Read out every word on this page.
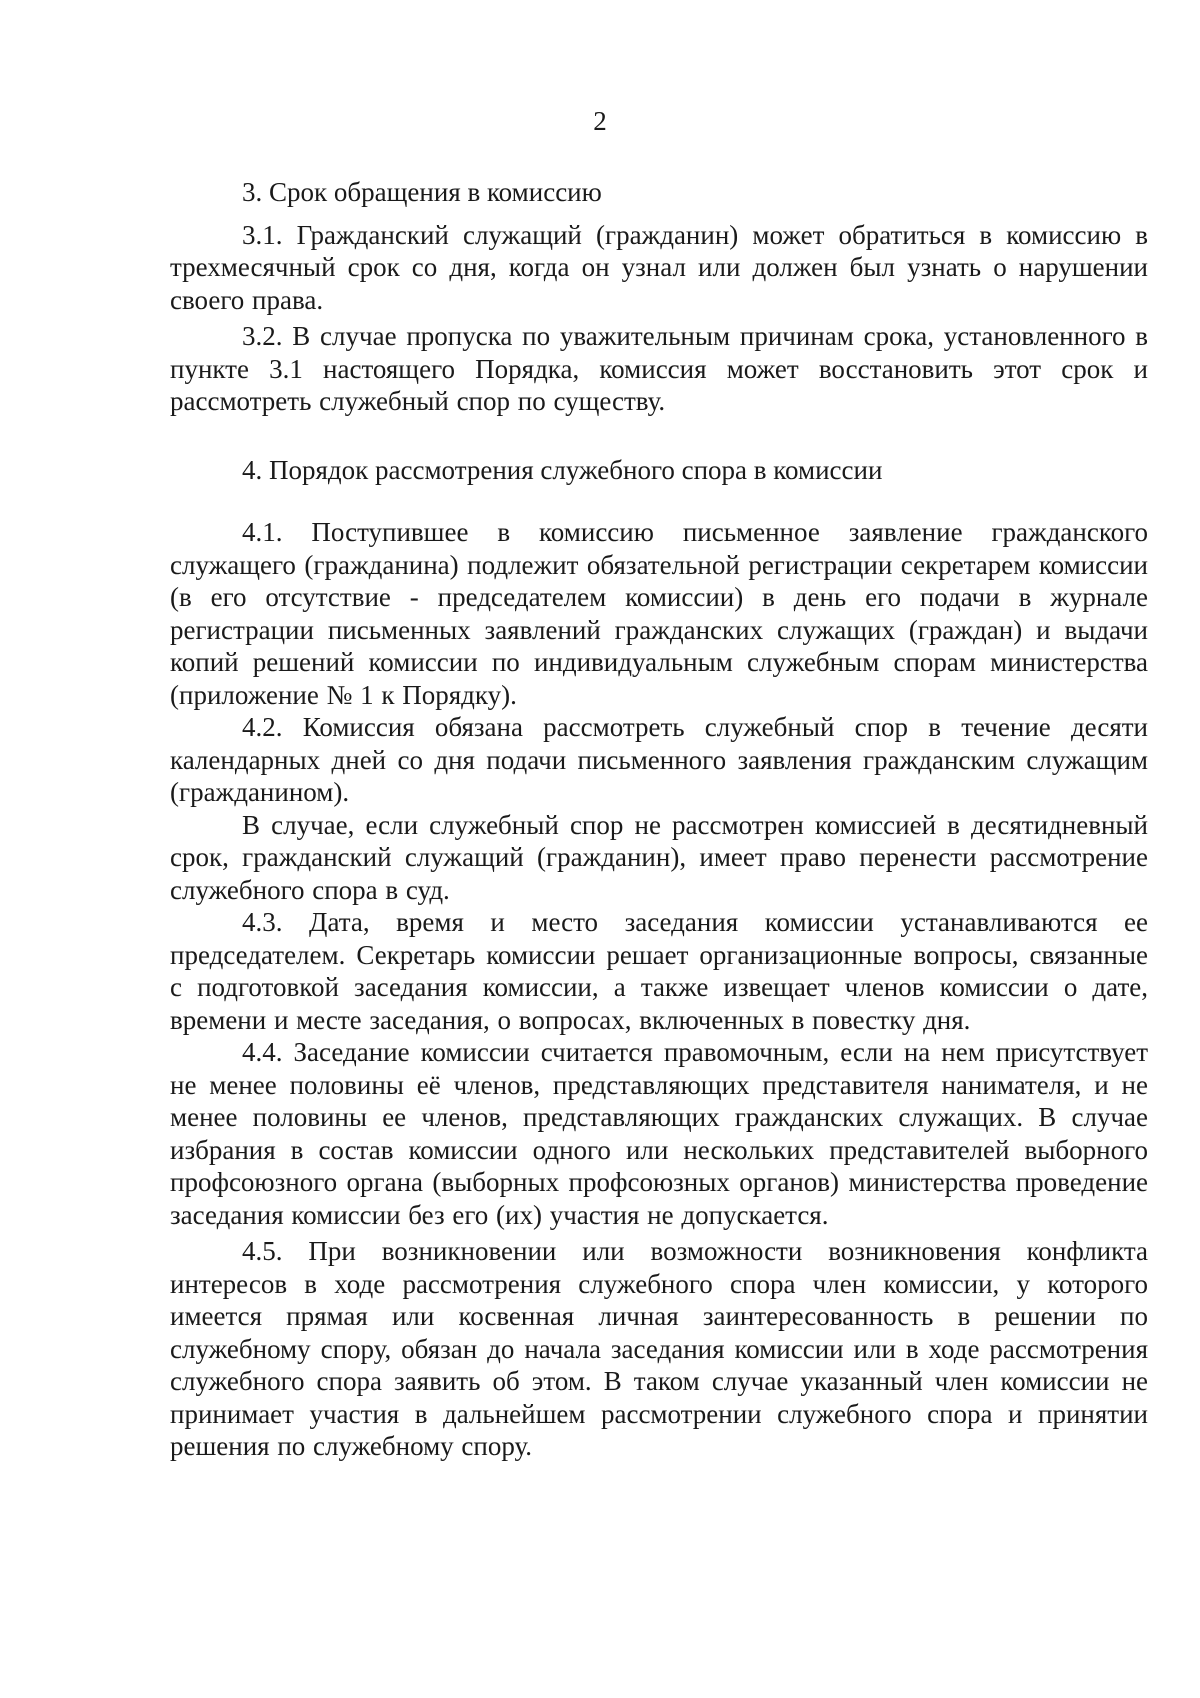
2

3. Срок обращения в комиссию

3.1. Гражданский служащий (гражданин) может обратиться в комиссию в трехмесячный срок со дня, когда он узнал или должен был узнать о нарушении своего права.

3.2. В случае пропуска по уважительным причинам срока, установленного в пункте 3.1 настоящего Порядка, комиссия может восстановить этот срок и рассмотреть служебный спор по существу.

4. Порядок рассмотрения служебного спора в комиссии

4.1. Поступившее в комиссию письменное заявление гражданского служащего (гражданина) подлежит обязательной регистрации секретарем комиссии (в его отсутствие - председателем комиссии) в день его подачи в журнале регистрации письменных заявлений гражданских служащих (граждан) и выдачи копий решений комиссии по индивидуальным служебным спорам министерства (приложение № 1 к Порядку).

4.2. Комиссия обязана рассмотреть служебный спор в течение десяти календарных дней со дня подачи письменного заявления гражданским служащим (гражданином).

В случае, если служебный спор не рассмотрен комиссией в десятидневный срок, гражданский служащий (гражданин), имеет право перенести рассмотрение служебного спора в суд.

4.3. Дата, время и место заседания комиссии устанавливаются ее председателем. Секретарь комиссии решает организационные вопросы, связанные с подготовкой заседания комиссии, а также извещает членов комиссии о дате, времени и месте заседания, о вопросах, включенных в повестку дня.

4.4. Заседание комиссии считается правомочным, если на нем присутствует не менее половины её членов, представляющих представителя нанимателя, и не менее половины ее членов, представляющих гражданских служащих. В случае избрания в состав комиссии одного или нескольких представителей выборного профсоюзного органа (выборных профсоюзных органов) министерства проведение заседания комиссии без его (их) участия не допускается.

4.5. При возникновении или возможности возникновения конфликта интересов в ходе рассмотрения служебного спора член комиссии, у которого имеется прямая или косвенная личная заинтересованность в решении по служебному спору, обязан до начала заседания комиссии или в ходе рассмотрения служебного спора заявить об этом. В таком случае указанный член комиссии не принимает участия в дальнейшем рассмотрении служебного спора и принятии решения по служебному спору.
